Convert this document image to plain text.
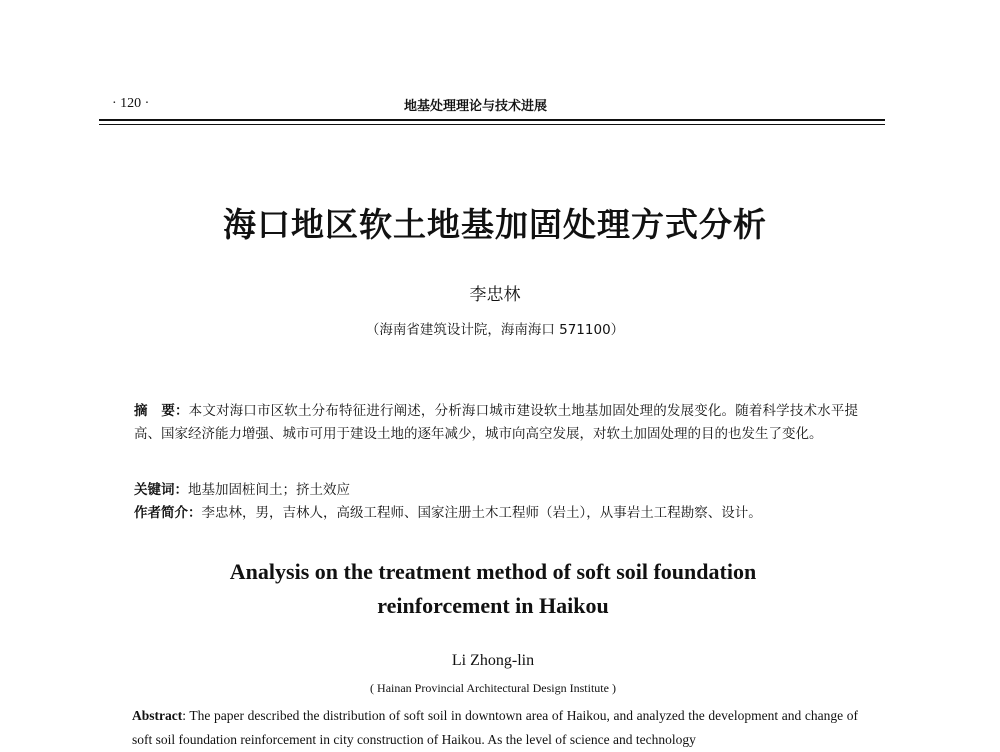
· 120 ·	地基处理理论与技术进展
海口地区软土地基加固处理方式分析
李忠林
（海南省建筑设计院，海南海口 571100）
摘　要：本文对海口市区软土分布特征进行阐述，分析海口城市建设软土地基加固处理的发展变化。随着科学技术水平提高、国家经济能力增强、城市可用于建设土地的逐年减少，城市向高空发展，对软土加固处理的目的也发生了变化。
关键词：地基加固桩间土；挤土效应
作者简介：李忠林，男，吉林人，高级工程师、国家注册土木工程师（岩土），从事岩土工程勘察、设计。
Analysis on the treatment method of soft soil foundation
reinforcement in Haikou
Li Zhong-lin
( Hainan Provincial Architectural Design Institute )
Abstract: The paper described the distribution of soft soil in downtown area of Haikou, and analyzed the development and change of soft soil foundation reinforcement in city construction of Haikou. As the level of science and technology
